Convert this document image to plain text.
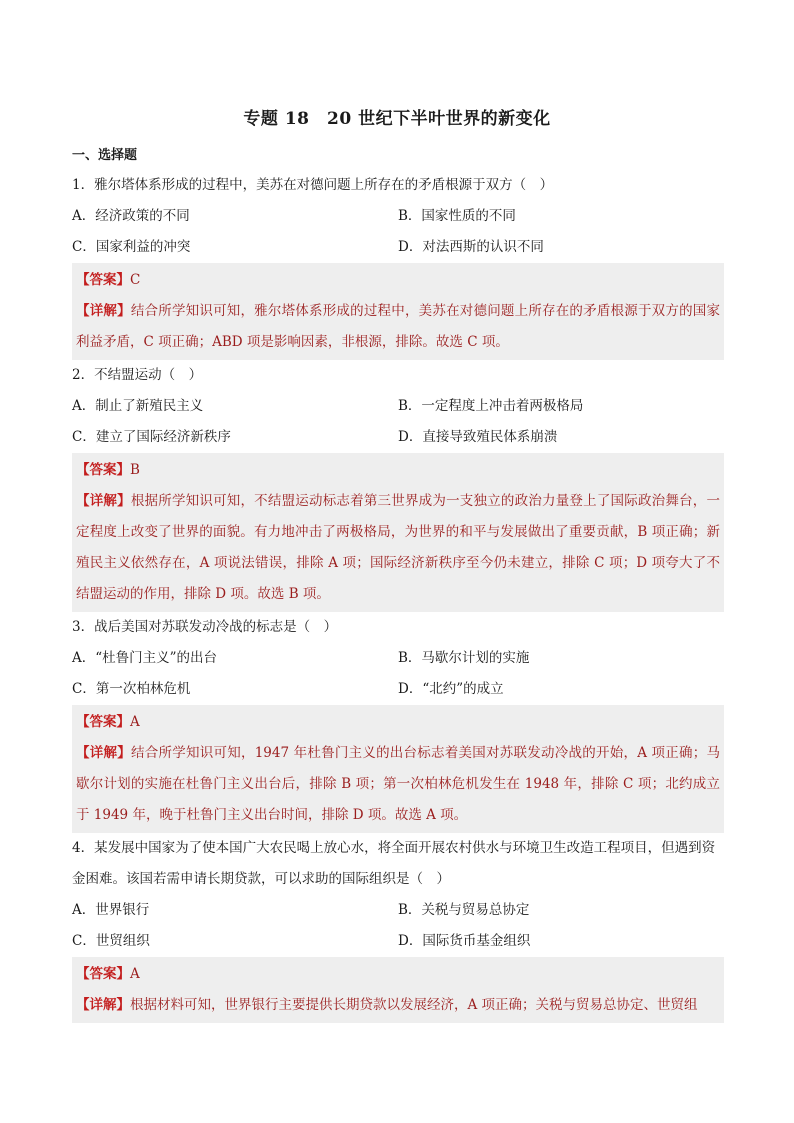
专题 18　20 世纪下半叶世界的新变化
一、选择题
1．雅尔塔体系形成的过程中，美苏在对德问题上所存在的矛盾根源于双方（　）
A．经济政策的不同	B．国家性质的不同
C．国家利益的冲突	D．对法西斯的认识不同
【答案】C
【详解】结合所学知识可知，雅尔塔体系形成的过程中，美苏在对德问题上所存在的矛盾根源于双方的国家利益矛盾，C 项正确；ABD 项是影响因素，非根源，排除。故选 C 项。
2．不结盟运动（　）
A．制止了新殖民主义	B．一定程度上冲击着两极格局
C．建立了国际经济新秩序	D．直接导致殖民体系崩溃
【答案】B
【详解】根据所学知识可知，不结盟运动标志着第三世界成为一支独立的政治力量登上了国际政治舞台，一定程度上改变了世界的面貌。有力地冲击了两极格局，为世界的和平与发展做出了重要贡献，B 项正确；新殖民主义依然存在，A 项说法错误，排除 A 项；国际经济新秩序至今仍未建立，排除 C 项；D 项夸大了不结盟运动的作用，排除 D 项。故选 B 项。
3．战后美国对苏联发动冷战的标志是（　）
A．“杜鲁门主义”的出台	B．马歇尔计划的实施
C．第一次柏林危机	D．“北约”的成立
【答案】A
【详解】结合所学知识可知，1947 年杜鲁门主义的出台标志着美国对苏联发动冷战的开始，A 项正确；马歇尔计划的实施在杜鲁门主义出台后，排除 B 项；第一次柏林危机发生在 1948 年，排除 C 项；北约成立于 1949 年，晚于杜鲁门主义出台时间，排除 D 项。故选 A 项。
4．某发展中国家为了使本国广大农民喝上放心水，将全面开展农村供水与环境卫生改造工程项目，但遇到资金困难。该国若需申请长期贷款，可以求助的国际组织是（　）
A．世界银行	B．关税与贸易总协定
C．世贸组织	D．国际货币基金组织
【答案】A
【详解】根据材料可知，世界银行主要提供长期贷款以发展经济，A 项正确；关税与贸易总协定、世贸组
